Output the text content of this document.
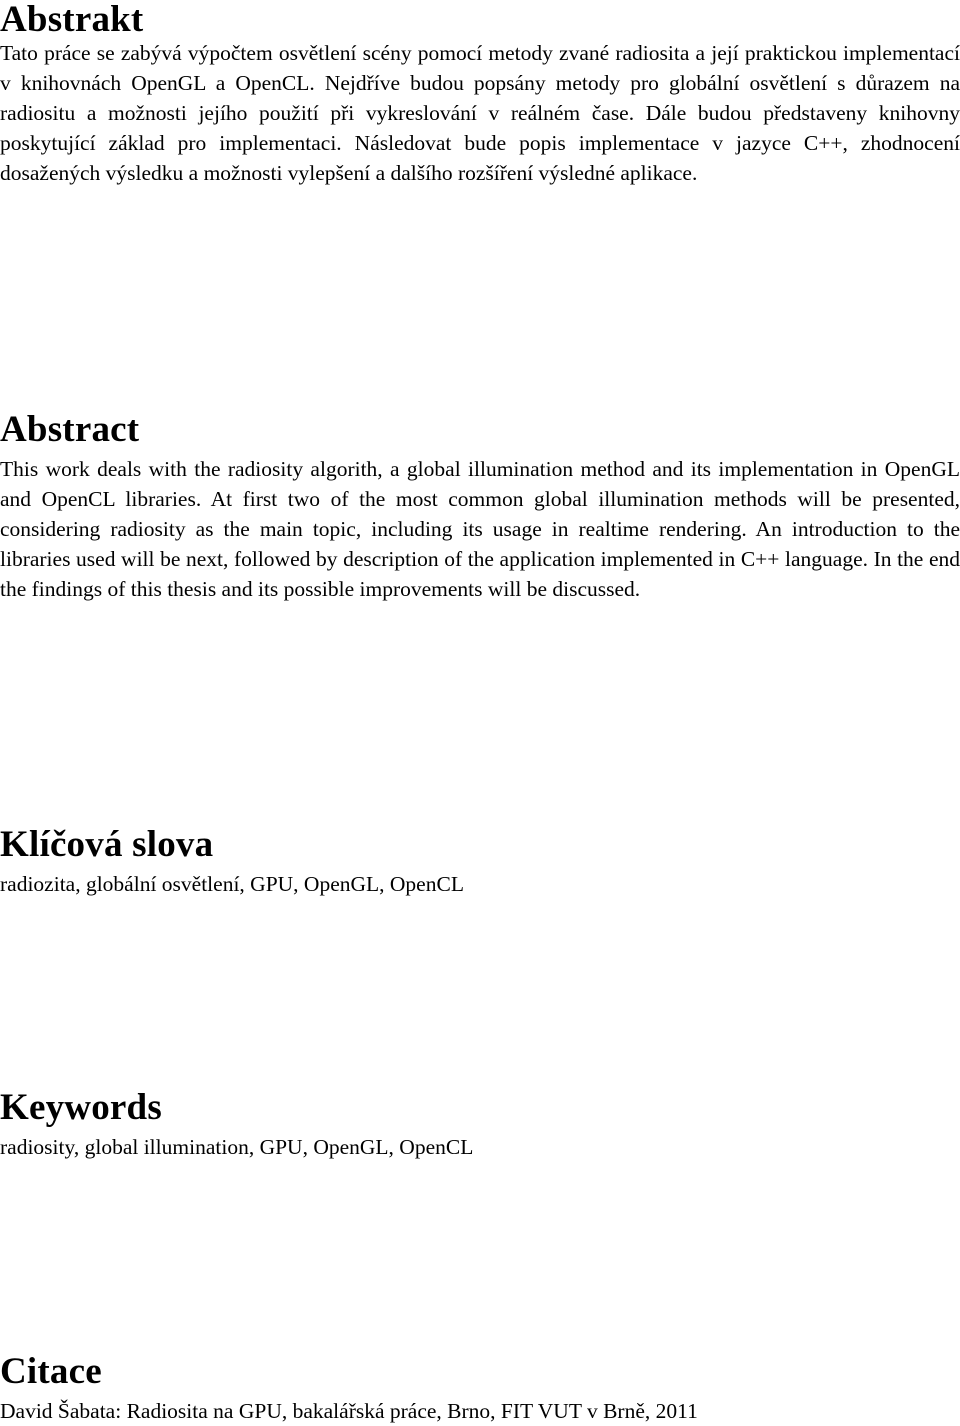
Abstrakt

Tato práce se zabývá výpočtem osvětlení scény pomocí metody zvané radiosita a její praktickou implementací v knihovnách OpenGL a OpenCL. Nejdříve budou popsány metody pro globální osvětlení s důrazem na radiositu a možnosti jejího použití při vykreslování v reálném čase. Dále budou představeny knihovny poskytující základ pro implementaci. Následovat bude popis implementace v jazyce C++, zhodnocení dosažených výsledku a možnosti vylepšení a dalšího rozšíření výsledné aplikace.

Abstract

This work deals with the radiosity algorith, a global illumination method and its implementation in OpenGL and OpenCL libraries. At first two of the most common global illumination methods will be presented, considering radiosity as the main topic, including its usage in realtime rendering. An introduction to the libraries used will be next, followed by description of the application implemented in C++ language. In the end the findings of this thesis and its possible improvements will be discussed.

Klíčová slova

radiozita, globální osvětlení, GPU, OpenGL, OpenCL

Keywords

radiosity, global illumination, GPU, OpenGL, OpenCL

Citace

David Šabata: Radiosita na GPU, bakalářská práce, Brno, FIT VUT v Brně, 2011
